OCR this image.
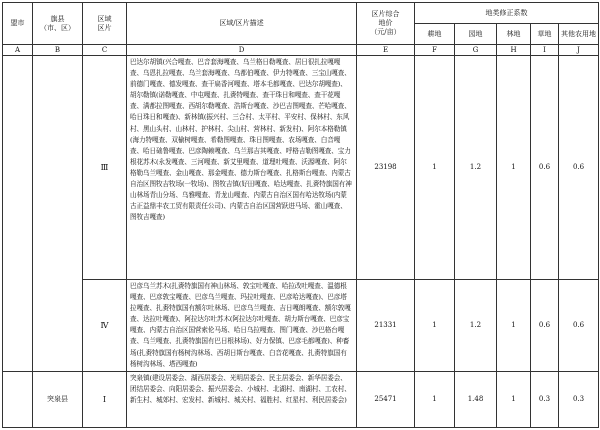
盟市	旗县
（市、区）	区域
区片	区域/区片描述	区片综合
地价
（元/亩）	地类修正系数				
					耕地	园地	林地	草地	其他农用地
A	B	C	D	E	F	G	H	I	J
		Ⅲ	巴达尔胡镇(兴合嘎查、巴音套海嘎查、乌兰格日勒嘎查、居日很扎拉嘎嘎查、乌恩扎拉嘎查、乌兰套海嘎查、乌都伯嘎查、伊力特嘎查、三宝山嘎查、前德门嘎查、德发嘎查、查干扁香河嘎查、塔本毛都嘎查、巴达尔胡嘎查)、胡尔勒镇(诺勒嘎查、中屯嘎查、扎赉特嘎查、查干珠日和嘎查、查干花嘎查、满都拉图嘎查、西胡尔勒嘎查、浩斯台嘎查、沙巴吉图嘎查、芒哈嘎查、哈日珠日和嘎查)、新林镇(振兴村、三合村、太平村、平安村、保林村、东风村、黑山头村、山林村、护林村、尖山村、营林村、新发村)、阿尔本格勒镇(海力特嘎查、双榆树嘎查、希勒图嘎查、珠日图嘎查、农场嘎查、白音嘎查、哈日础鲁嘎查、巴彦陶赖嘎查、乌兰那吉其嘎查、呼格吉勒图嘎查、宝力根花苏木(永发嘎查、三河嘎查、新艾里嘎查、道理吐嘎查、沃源嘎查、阿尔格勒乌兰嘎查、金山嘎查、那金嘎查、德力斯台嘎查、扎格斯台嘎查、内蒙古自治区图牧吉牧场(一牧场)、图牧吉镇(好田嘎查、哈达嘎查、扎赉特旗国有神山林场青山分场、乌雅嘎查、青龙山嘎查、内蒙古自治区国有哈达牧场(内蒙古正益鼎丰农工贸有限责任公司)、内蒙古自治区国营跃进马场、霍山嘎查、图牧吉嘎查)	23198	1	1.2	1	0.6	0.6
		Ⅳ	巴彦乌兰苏木(扎赉特旗国有神山林场、敦宝吐嘎查、哈拉改吐嘎查、温德根嘎查、巴彦敦宝嘎查、巴彦乌兰嘎查、玛拉吐嘎查、巴彦哈达嘎查)、巴彦塔拉嘎查、扎赉特旗国有额尔吐林场、巴彦乌兰嘎查、吉日嘎朗嘎查、额尔敦嘎查、达拉吐嘎查)、阿拉达尔吐苏木(阿拉达尔吐嘎查、胡力斯台嘎查、巴彦宝嘎查、内蒙古自治区国营索伦马场、哈日乌拉嘎查、图门嘎查、沙巴格台嘎查、乌兰嘎查、扎赉特旗国有巴日根林场)、好力保镇、巴彦毛都嘎查)、种畜场(扎赉特旗国有杨树沟林场、西胡日斯台嘎查、白音花嘎查、扎赉特旗国有杨树沟林场、塔西嘎查)	21331	1	1.2	1	0.6	0.6
	突泉县	Ⅰ	突泉镇(建设居委会、湖西居委会、光明居委会、民主居委会、新华居委会、团结居委会、向阳居委会、振兴居委会、小城村、北湖村、南湖村、工农村、新生村、城郊村、宏发村、新城村、城关村、福胜村、红星村、利民居委会)	25471	1	1.48	1	0.3	0.3
